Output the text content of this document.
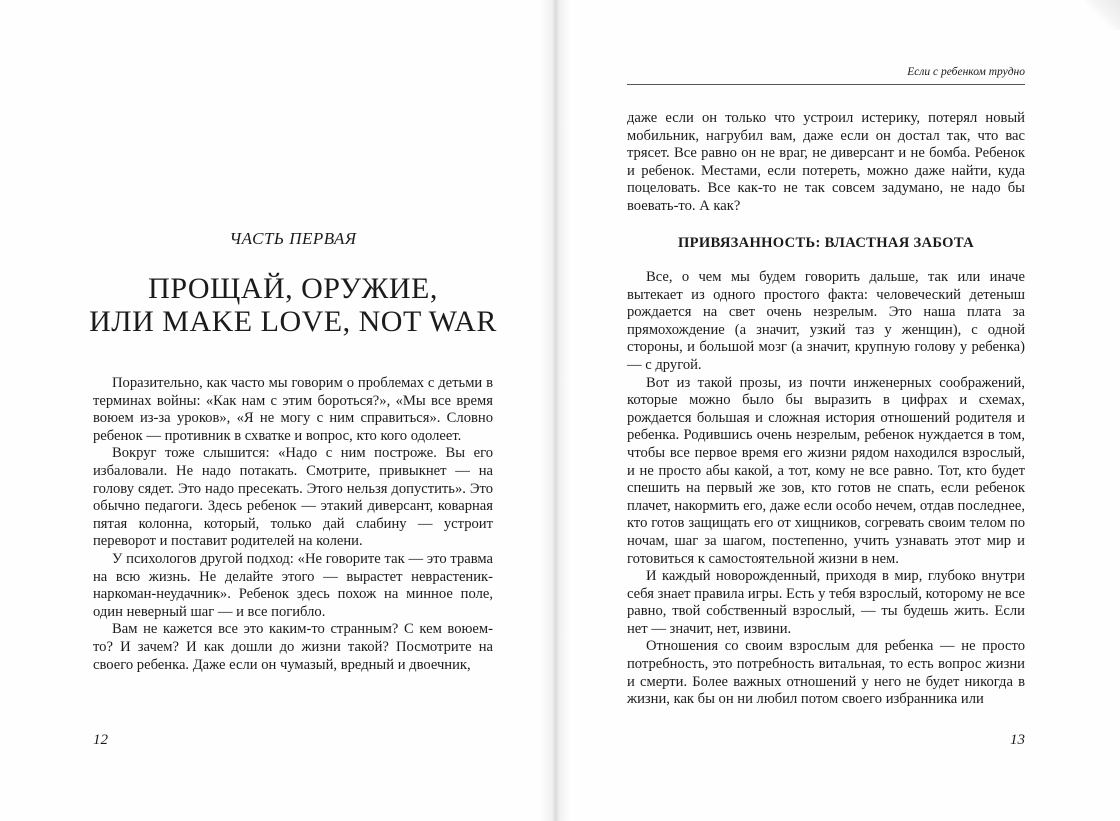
ЧАСТЬ ПЕРВАЯ
ПРОЩАЙ, ОРУЖИЕ,
ИЛИ MAKE LOVE, NOT WAR

Поразительно, как часто мы говорим о проблемах с детьми в терминах войны: «Как нам с этим бороться?», «Мы все время воюем из-за уроков», «Я не могу с ним справиться». Словно ребенок — противник в схватке и вопрос, кто кого одолеет.

Вокруг тоже слышится: «Надо с ним построже. Вы его избаловали. Не надо потакать. Смотрите, привыкнет — на голову сядет. Это надо пресекать. Этого нельзя допустить». Это обычно педагоги. Здесь ребенок — этакий диверсант, коварная пятая колонна, который, только дай слабину — устроит переворот и поставит родителей на колени.

У психологов другой подход: «Не говорите так — это травма на всю жизнь. Не делайте этого — вырастет неврастеник-наркоман-неудачник». Ребенок здесь похож на минное поле, один неверный шаг — и все погибло.

Вам не кажется все это каким-то странным? С кем воюем-то? И зачем? И как дошли до жизни такой? Посмотрите на своего ребенка. Даже если он чумазый, вредный и двоечник,

12
Если с ребенком трудно

даже если он только что устроил истерику, потерял новый мобильник, нагрубил вам, даже если он достал так, что вас трясет. Все равно он не враг, не диверсант и не бомба. Ребенок и ребенок. Местами, если потереть, можно даже найти, куда поцеловать. Все как-то не так совсем задумано, не надо бы воевать-то. А как?

ПРИВЯЗАННОСТЬ: ВЛАСТНАЯ ЗАБОТА

Все, о чем мы будем говорить дальше, так или иначе вытекает из одного простого факта: человеческий детеныш рождается на свет очень незрелым. Это наша плата за прямохождение (а значит, узкий таз у женщин), с одной стороны, и большой мозг (а значит, крупную голову у ребенка) — с другой.

Вот из такой прозы, из почти инженерных соображений, которые можно было бы выразить в цифрах и схемах, рождается большая и сложная история отношений родителя и ребенка. Родившись очень незрелым, ребенок нуждается в том, чтобы все первое время его жизни рядом находился взрослый, и не просто абы какой, а тот, кому не все равно. Тот, кто будет спешить на первый же зов, кто готов не спать, если ребенок плачет, накормить его, даже если особо нечем, отдав последнее, кто готов защищать его от хищников, согревать своим телом по ночам, шаг за шагом, постепенно, учить узнавать этот мир и готовиться к самостоятельной жизни в нем.

И каждый новорожденный, приходя в мир, глубоко внутри себя знает правила игры. Есть у тебя взрослый, которому не все равно, твой собственный взрослый, — ты будешь жить. Если нет — значит, нет, извини.

Отношения со своим взрослым для ребенка — не просто потребность, это потребность витальная, то есть вопрос жизни и смерти. Более важных отношений у него не будет никогда в жизни, как бы он ни любил потом своего избранника или

13
